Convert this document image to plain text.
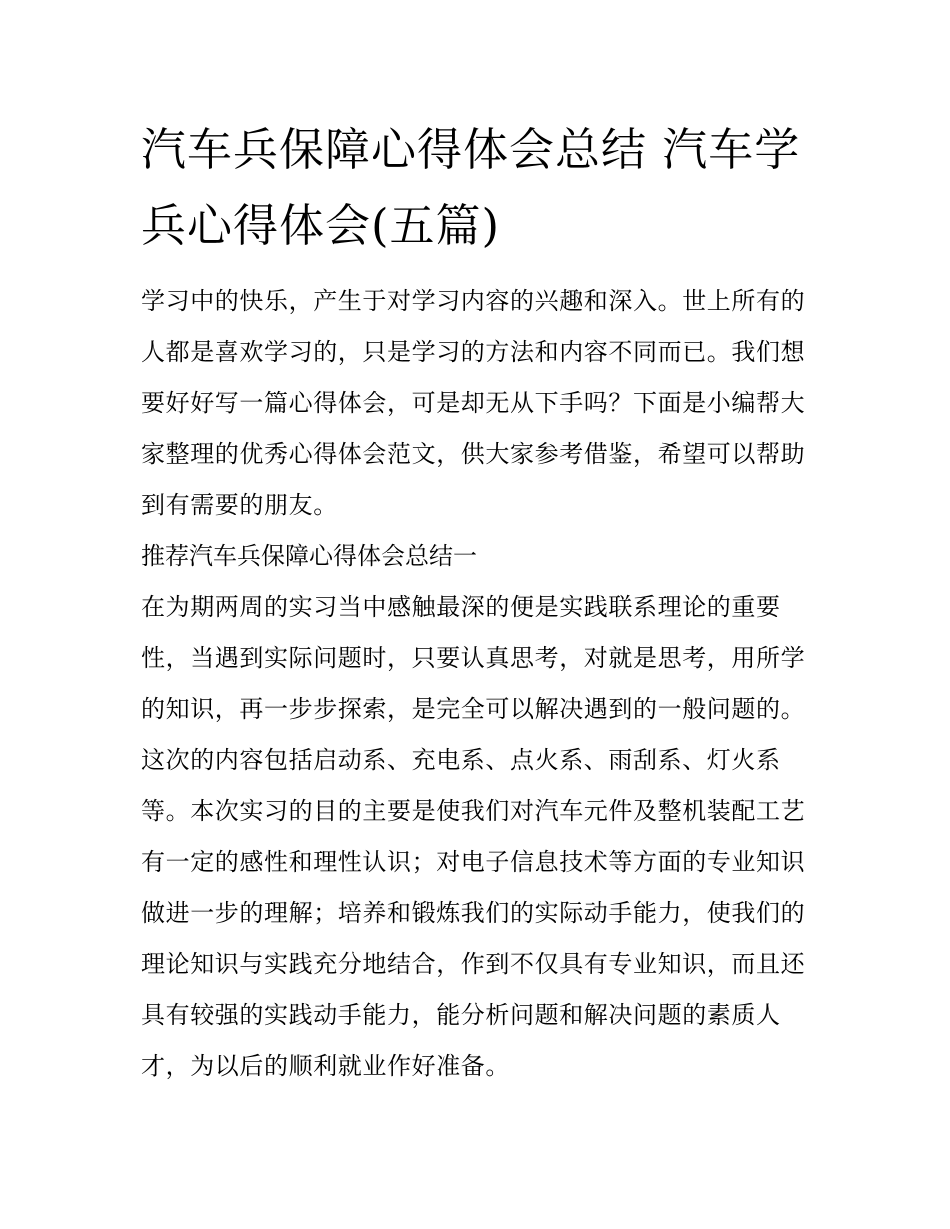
汽车兵保障心得体会总结 汽车学兵心得体会(五篇)

学习中的快乐，产生于对学习内容的兴趣和深入。世上所有的人都是喜欢学习的，只是学习的方法和内容不同而已。我们想要好好写一篇心得体会，可是却无从下手吗？下面是小编帮大家整理的优秀心得体会范文，供大家参考借鉴，希望可以帮助到有需要的朋友。

推荐汽车兵保障心得体会总结一

在为期两周的实习当中感触最深的便是实践联系理论的重要性，当遇到实际问题时，只要认真思考，对就是思考，用所学的知识，再一步步探索，是完全可以解决遇到的一般问题的。这次的内容包括启动系、充电系、点火系、雨刮系、灯火系等。本次实习的目的主要是使我们对汽车元件及整机装配工艺有一定的感性和理性认识；对电子信息技术等方面的专业知识做进一步的理解；培养和锻炼我们的实际动手能力，使我们的理论知识与实践充分地结合，作到不仅具有专业知识，而且还具有较强的实践动手能力，能分析问题和解决问题的素质人才，为以后的顺利就业作好准备。
